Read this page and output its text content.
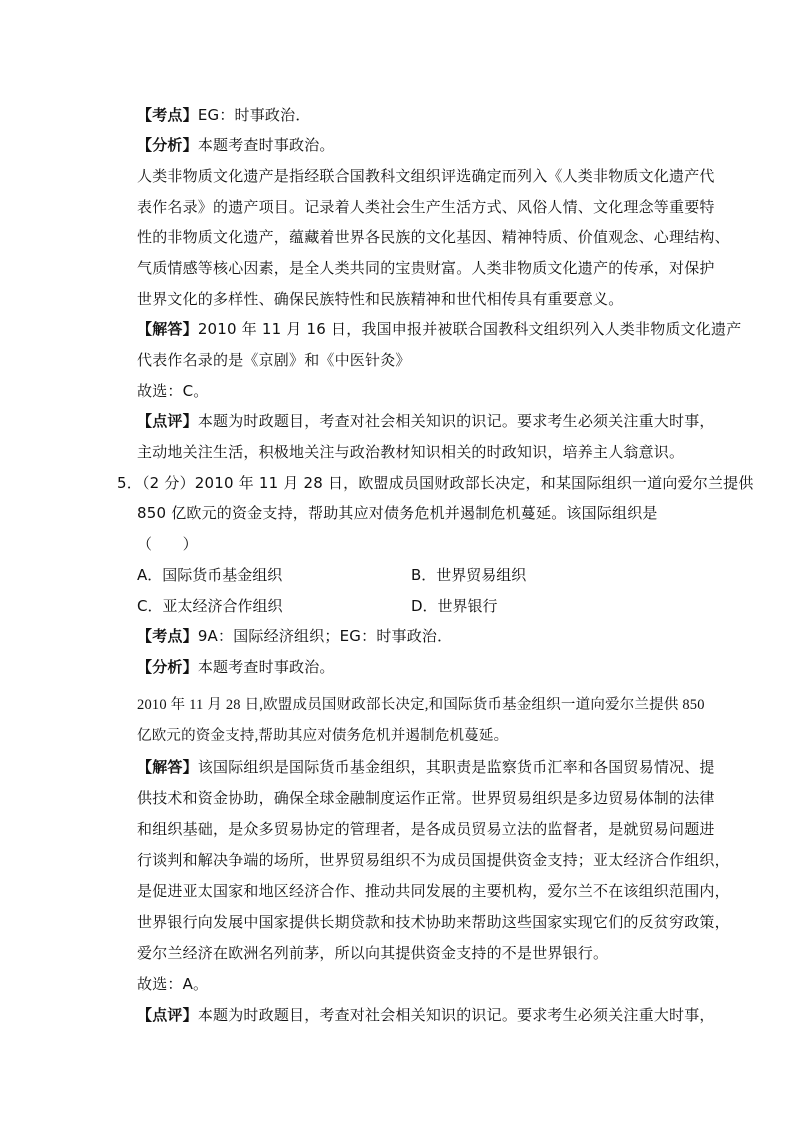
【考点】EG：时事政治．
【分析】本题考查时事政治。
人类非物质文化遗产是指经联合国教科文组织评选确定而列入《人类非物质文化遗产代
表作名录》的遗产项目。记录着人类社会生产生活方式、风俗人情、文化理念等重要特
性的非物质文化遗产，蕴藏着世界各民族的文化基因、精神特质、价值观念、心理结构、
气质情感等核心因素，是全人类共同的宝贵财富。人类非物质文化遗产的传承，对保护
世界文化的多样性、确保民族特性和民族精神和世代相传具有重要意义。
【解答】2010 年 11 月 16 日，我国申报并被联合国教科文组织列入人类非物质文化遗产
代表作名录的是《京剧》和《中医针灸》
故选：C。
【点评】本题为时政题目，考查对社会相关知识的识记。要求考生必须关注重大时事，
主动地关注生活，积极地关注与政治教材知识相关的时政知识，培养主人翁意识。
5．（2 分）2010 年 11 月 28 日，欧盟成员国财政部长决定，和某国际组织一道向爱尔兰提供
850 亿欧元的资金支持，帮助其应对债务危机并遏制危机蔓延。该国际组织是
（　　）
A．国际货币基金组织	B．世界贸易组织
C．亚太经济合作组织	D．世界银行
【考点】9A：国际经济组织；EG：时事政治．
【分析】本题考查时事政治。
2010 年 11 月 28 日,欧盟成员国财政部长决定,和国际货币基金组织一道向爱尔兰提供 850
亿欧元的资金支持,帮助其应对债务危机并遏制危机蔓延。
【解答】该国际组织是国际货币基金组织，其职责是监察货币汇率和各国贸易情况、提
供技术和资金协助，确保全球金融制度运作正常。世界贸易组织是多边贸易体制的法律
和组织基础，是众多贸易协定的管理者，是各成员贸易立法的监督者，是就贸易问题进
行谈判和解决争端的场所，世界贸易组织不为成员国提供资金支持；亚太经济合作组织，
是促进亚太国家和地区经济合作、推动共同发展的主要机构，爱尔兰不在该组织范围内，
世界银行向发展中国家提供长期贷款和技术协助来帮助这些国家实现它们的反贫穷政策，
爱尔兰经济在欧洲名列前茅，所以向其提供资金支持的不是世界银行。
故选：A。
【点评】本题为时政题目，考查对社会相关知识的识记。要求考生必须关注重大时事，
